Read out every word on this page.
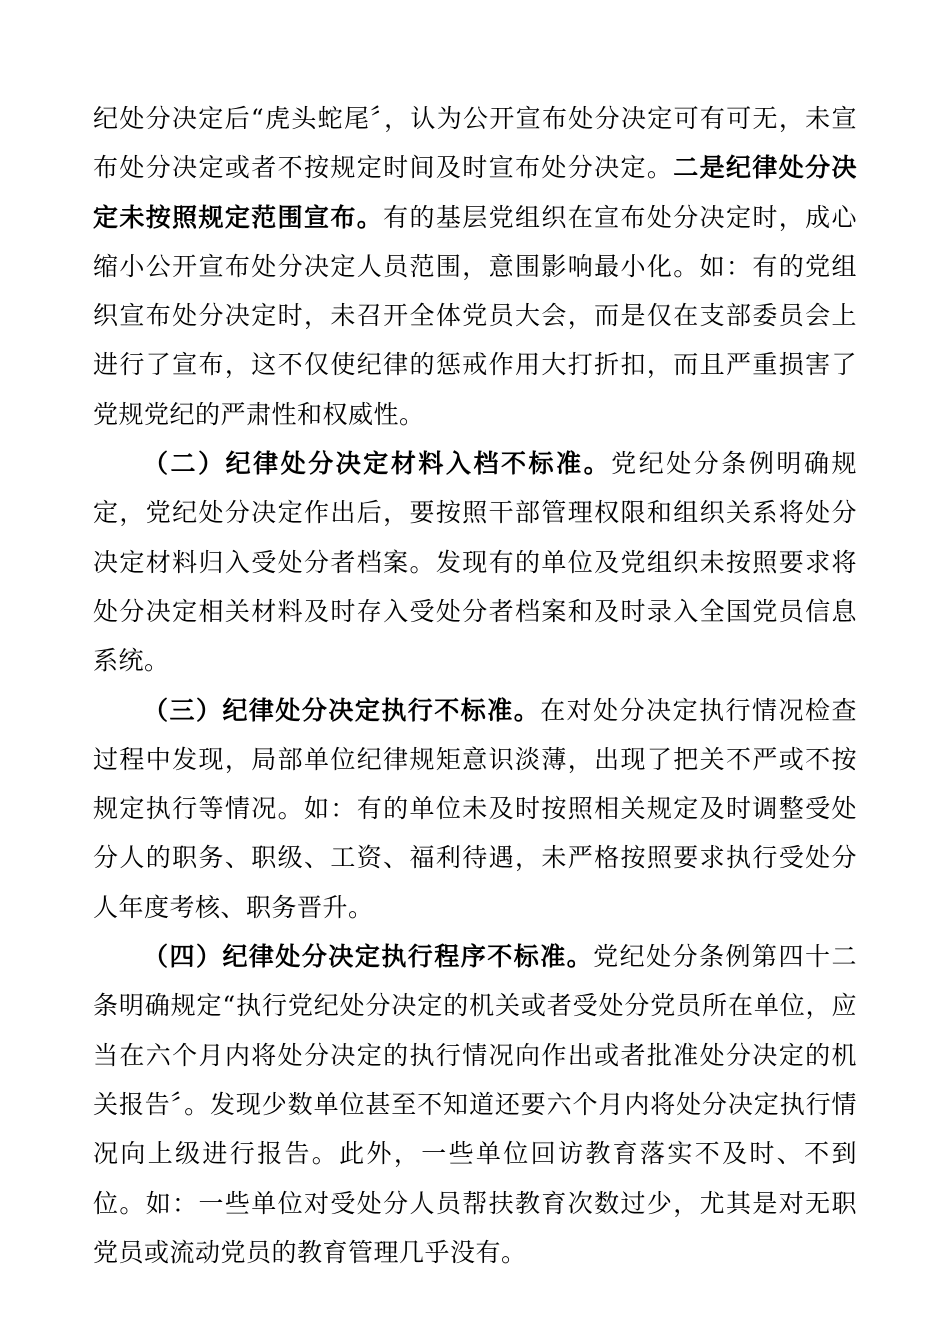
纪处分决定后“虎头蛇尾〞，认为公开宣布处分决定可有可无，未宣布处分决定或者不按规定时间及时宣布处分决定。二是纪律处分决定未按照规定范围宣布。有的基层党组织在宣布处分决定时，成心缩小公开宣布处分决定人员范围，意围影响最小化。如：有的党组织宣布处分决定时，未召开全体党员大会，而是仅在支部委员会上进行了宣布，这不仅使纪律的惩戒作用大打折扣，而且严重损害了党规党纪的严肃性和权威性。

（二）纪律处分决定材料入档不标准。党纪处分条例明确规定，党纪处分决定作出后，要按照干部管理权限和组织关系将处分决定材料归入受处分者档案。发现有的单位及党组织未按照要求将处分决定相关材料及时存入受处分者档案和及时录入全国党员信息系统。

（三）纪律处分决定执行不标准。在对处分决定执行情况检查过程中发现，局部单位纪律规矩意识淡薄，出现了把关不严或不按规定执行等情况。如：有的单位未及时按照相关规定及时调整受处分人的职务、职级、工资、福利待遇，未严格按照要求执行受处分人年度考核、职务晋升。

（四）纪律处分决定执行程序不标准。党纪处分条例第四十二条明确规定“执行党纪处分决定的机关或者受处分党员所在单位，应当在六个月内将处分决定的执行情况向作出或者批准处分决定的机关报告〞。发现少数单位甚至不知道还要六个月内将处分决定执行情况向上级进行报告。此外，一些单位回访教育落实不及时、不到位。如：一些单位对受处分人员帮扶教育次数过少，尤其是对无职党员或流动党员的教育管理几乎没有。
